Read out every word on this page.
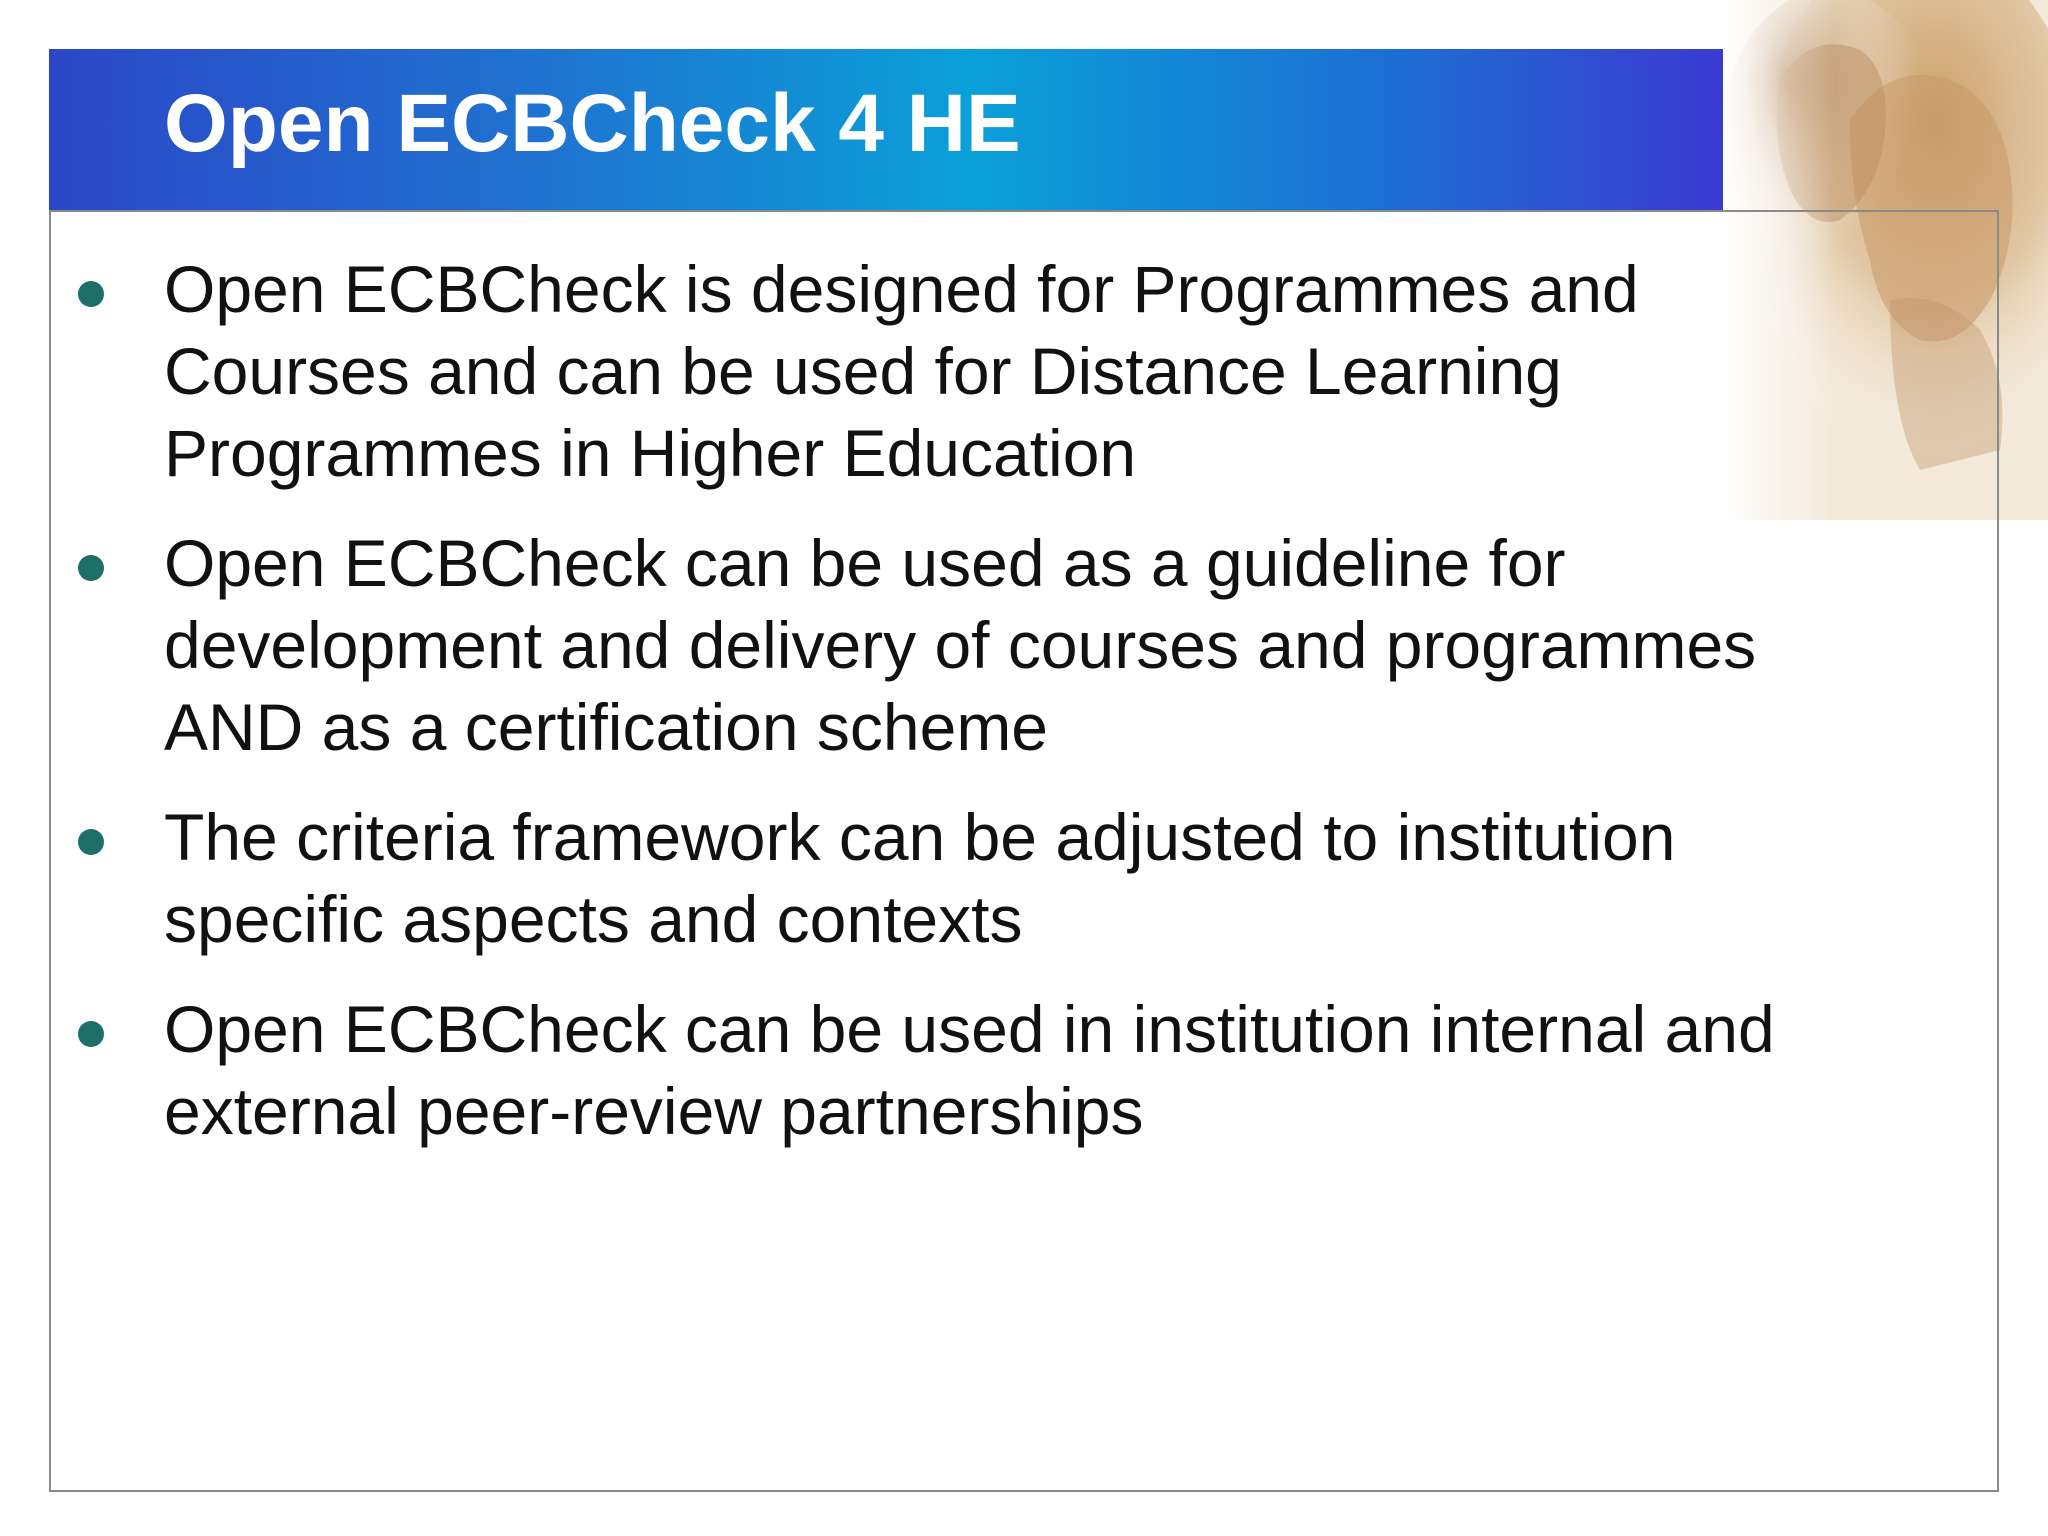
Open ECBCheck 4 HE
Open ECBCheck is designed for Programmes and
Courses and can be used for Distance Learning
Programmes in Higher Education
Open ECBCheck can be used as a guideline for
development and delivery of courses and programmes
AND as a certification scheme
The criteria framework can be adjusted to institution
specific aspects and contexts
Open ECBCheck can be used in institution internal and
external peer-review partnerships
